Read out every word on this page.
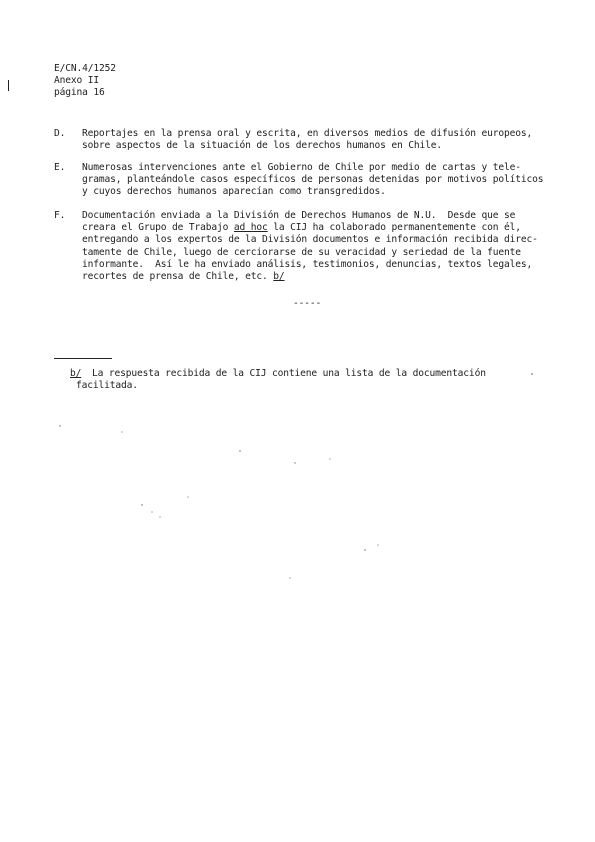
E/CN.4/1252
Anexo II
página 16

D.

Reportajes en la prensa oral y escrita, en diversos medios de difusión europeos,
sobre aspectos de la situación de los derechos humanos en Chile.

E.

Numerosas intervenciones ante el Gobierno de Chile por medio de cartas y tele-
gramas, planteándole casos específicos de personas detenidas por motivos políticos
y cuyos derechos humanos aparecían como transgredidos.

F.

Documentación enviada a la División de Derechos Humanos de N.U.  Desde que se
creara el Grupo de Trabajo ad hoc la CIJ ha colaborado permanentemente con él,
entregando a los expertos de la División documentos e información recibida direc-
tamente de Chile, luego de cerciorarse de su veracidad y seriedad de la fuente
informante.  Así le ha enviado análisis, testimonios, denuncias, textos legales,
recortes de prensa de Chile, etc. b/

-----

b/

La respuesta recibida de la CIJ contiene una lista de la documentación
facilitada.
